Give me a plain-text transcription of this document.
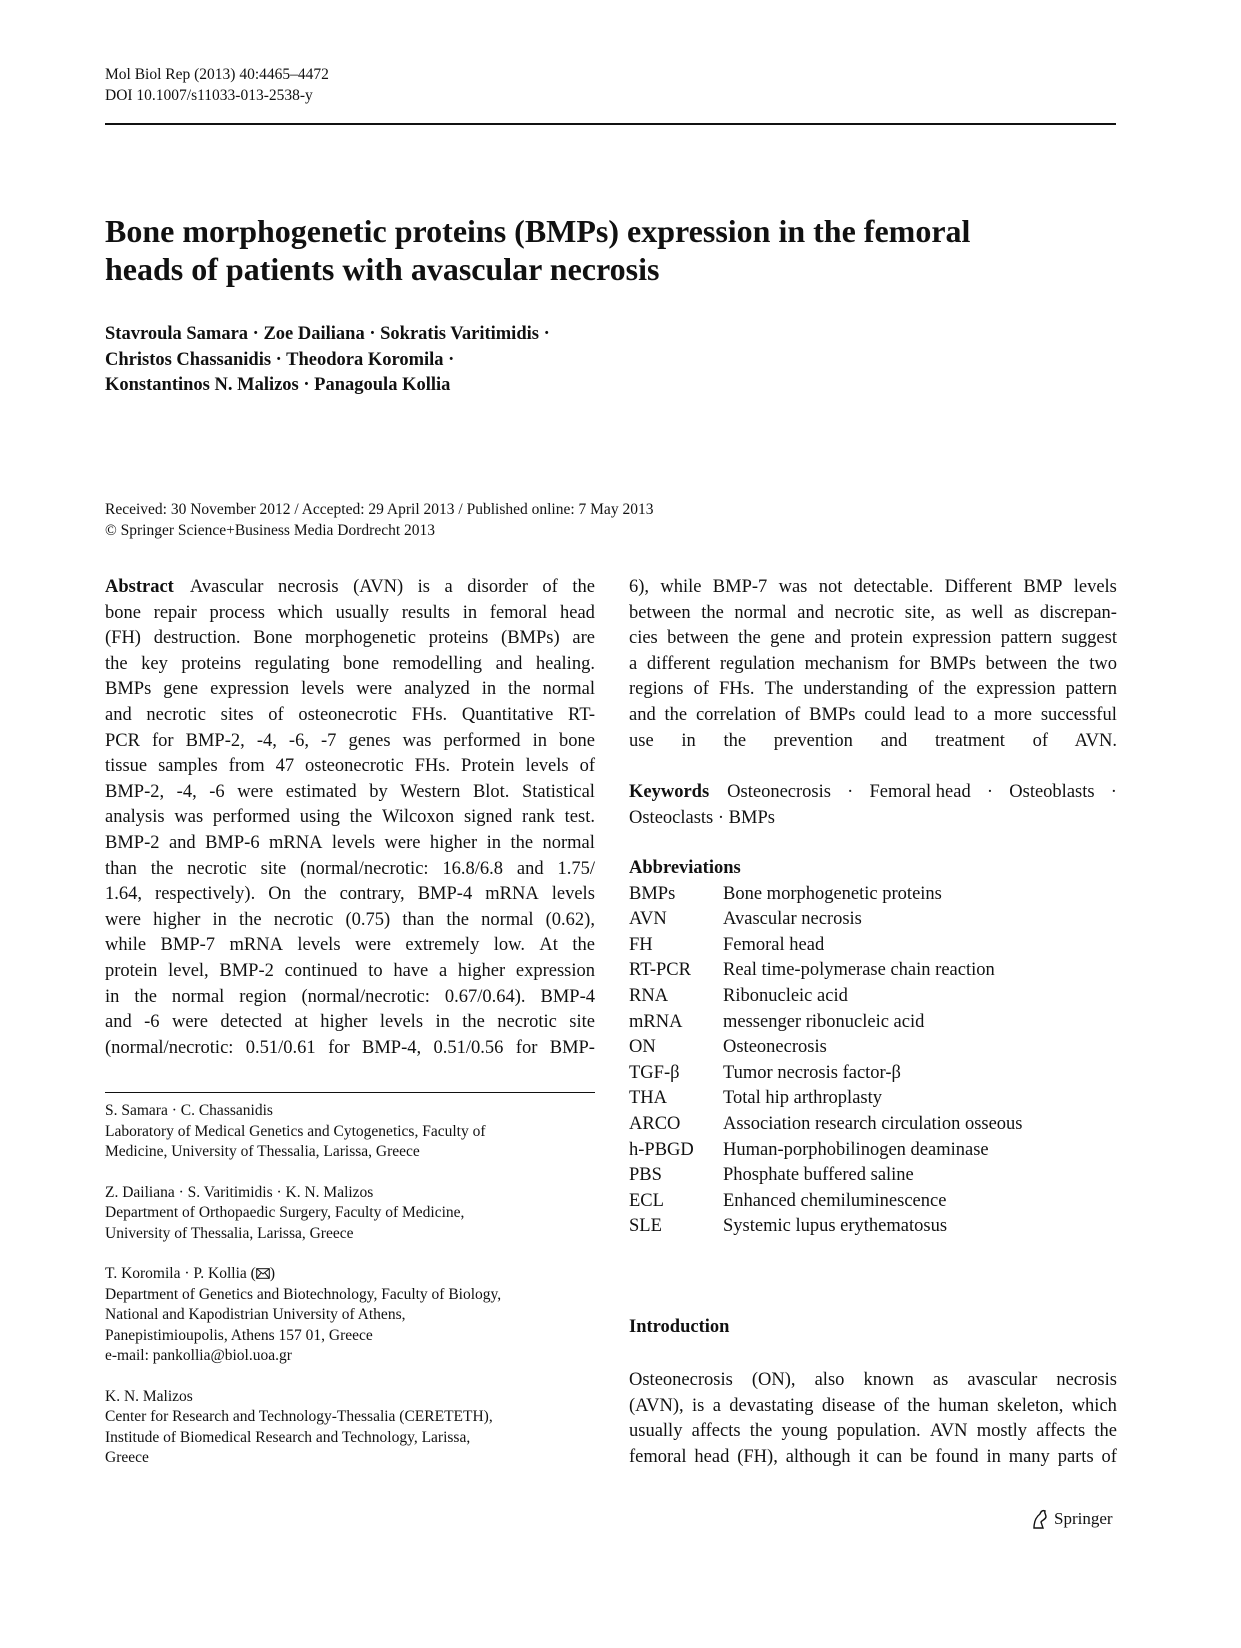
Mol Biol Rep (2013) 40:4465–4472
DOI 10.1007/s11033-013-2538-y
Bone morphogenetic proteins (BMPs) expression in the femoral
heads of patients with avascular necrosis
Stavroula Samara · Zoe Dailiana · Sokratis Varitimidis ·
Christos Chassanidis · Theodora Koromila ·
Konstantinos N. Malizos · Panagoula Kollia
Received: 30 November 2012 / Accepted: 29 April 2013 / Published online: 7 May 2013
© Springer Science+Business Media Dordrecht 2013
Abstract Avascular necrosis (AVN) is a disorder of the
bone repair process which usually results in femoral head
(FH) destruction. Bone morphogenetic proteins (BMPs) are
the key proteins regulating bone remodelling and healing.
BMPs gene expression levels were analyzed in the normal
and necrotic sites of osteonecrotic FHs. Quantitative RT-
PCR for BMP-2, -4, -6, -7 genes was performed in bone
tissue samples from 47 osteonecrotic FHs. Protein levels of
BMP-2, -4, -6 were estimated by Western Blot. Statistical
analysis was performed using the Wilcoxon signed rank test.
BMP-2 and BMP-6 mRNA levels were higher in the normal
than the necrotic site (normal/necrotic: 16.8/6.8 and 1.75/
1.64, respectively). On the contrary, BMP-4 mRNA levels
were higher in the necrotic (0.75) than the normal (0.62),
while BMP-7 mRNA levels were extremely low. At the
protein level, BMP-2 continued to have a higher expression
in the normal region (normal/necrotic: 0.67/0.64). BMP-4
and -6 were detected at higher levels in the necrotic site
(normal/necrotic: 0.51/0.61 for BMP-4, 0.51/0.56 for BMP-

S. Samara · C. Chassanidis
Laboratory of Medical Genetics and Cytogenetics, Faculty of
Medicine, University of Thessalia, Larissa, Greece

Z. Dailiana · S. Varitimidis · K. N. Malizos
Department of Orthopaedic Surgery, Faculty of Medicine,
University of Thessalia, Larissa, Greece

T. Koromila · P. Kollia ( )
Department of Genetics and Biotechnology, Faculty of Biology,
National and Kapodistrian University of Athens,
Panepistimioupolis, Athens 157 01, Greece
e-mail: pankollia@biol.uoa.gr

K. N. Malizos
Center for Research and Technology-Thessalia (CERETETH),
Institude of Biomedical Research and Technology, Larissa,
Greece

6), while BMP-7 was not detectable. Different BMP levels
between the normal and necrotic site, as well as discrepan-
cies between the gene and protein expression pattern suggest
a different regulation mechanism for BMPs between the two
regions of FHs. The understanding of the expression pattern
and the correlation of BMPs could lead to a more successful
use in the prevention and treatment of AVN.
Keywords Osteonecrosis · Femoral head · Osteoblasts ·
Osteoclasts · BMPs
Abbreviations
BMPs	Bone morphogenetic proteins
AVN	Avascular necrosis
FH	Femoral head
RT-PCR	Real time-polymerase chain reaction
RNA	Ribonucleic acid
mRNA	messenger ribonucleic acid
ON	Osteonecrosis
TGF-β	Tumor necrosis factor-β
THA	Total hip arthroplasty
ARCO	Association research circulation osseous
h-PBGD	Human-porphobilinogen deaminase
PBS	Phosphate buffered saline
ECL	Enhanced chemiluminescence
SLE	Systemic lupus erythematosus
Introduction
Osteonecrosis (ON), also known as avascular necrosis
(AVN), is a devastating disease of the human skeleton, which
usually affects the young population. AVN mostly affects the
femoral head (FH), although it can be found in many parts of
Springer
